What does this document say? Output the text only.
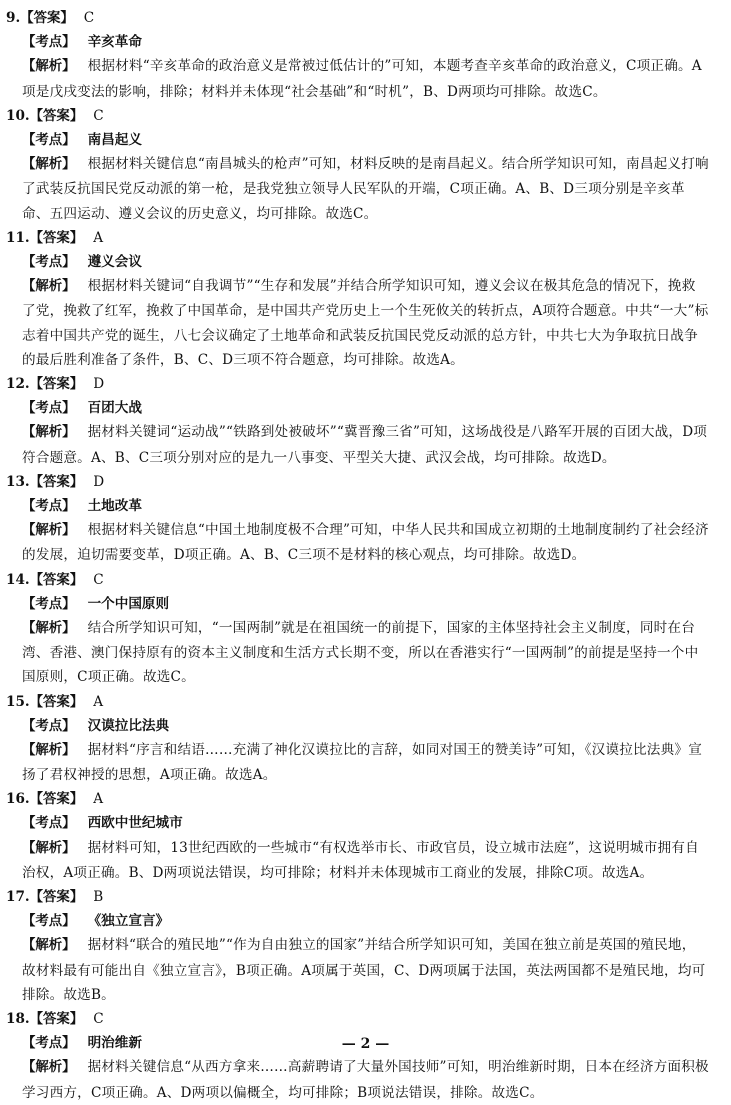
9.【答案】 C
【考点】 辛亥革命
【解析】 根据材料“辛亥革命的政治意义是常被过低估计的”可知，本题考查辛亥革命的政治意义，C项正确。A项是戊戌变法的影响，排除；材料并未体现“社会基础”和“时机”，B、D两项均可排除。故选C。
10.【答案】 C
【考点】 南昌起义
【解析】 根据材料关键信息“南昌城头的枪声”可知，材料反映的是南昌起义。结合所学知识可知，南昌起义打响了武装反抗国民党反动派的第一枪，是我党独立领导人民军队的开端，C项正确。A、B、D三项分别是辛亥革命、五四运动、遵义会议的历史意义，均可排除。故选C。
11.【答案】 A
【考点】 遵义会议
【解析】 根据材料关键词“自我调节”“生存和发展”并结合所学知识可知，遵义会议在极其危急的情况下，挽救了党，挽救了红军，挽救了中国革命，是中国共产党历史上一个生死攸关的转折点，A项符合题意。中共“一大”标志着中国共产党的诞生，八七会议确定了土地革命和武装反抗国民党反动派的总方针，中共七大为争取抗日战争的最后胜利准备了条件，B、C、D三项不符合题意，均可排除。故选A。
12.【答案】 D
【考点】 百团大战
【解析】 据材料关键词“运动战”“铁路到处被破坏”“冀晋豫三省”可知，这场战役是八路军开展的百团大战，D项符合题意。A、B、C三项分别对应的是九一八事变、平型关大捷、武汉会战，均可排除。故选D。
13.【答案】 D
【考点】 土地改革
【解析】 根据材料关键信息“中国土地制度极不合理”可知，中华人民共和国成立初期的土地制度制约了社会经济的发展，迫切需要变革，D项正确。A、B、C三项不是材料的核心观点，均可排除。故选D。
14.【答案】 C
【考点】 一个中国原则
【解析】 结合所学知识可知，“一国两制”就是在祖国统一的前提下，国家的主体坚持社会主义制度，同时在台湾、香港、澳门保持原有的资本主义制度和生活方式长期不变，所以在香港实行“一国两制”的前提是坚持一个中国原则，C项正确。故选C。
15.【答案】 A
【考点】 汉谟拉比法典
【解析】 据材料“序言和结语……充满了神化汉谟拉比的言辞，如同对国王的赞美诗”可知，《汉谟拉比法典》宣扬了君权神授的思想，A项正确。故选A。
16.【答案】 A
【考点】 西欧中世纪城市
【解析】 据材料可知，13世纪西欧的一些城市“有权选举市长、市政官员，设立城市法庭”，这说明城市拥有自治权，A项正确。B、D两项说法错误，均可排除；材料并未体现城市工商业的发展，排除C项。故选A。
17.【答案】 B
【考点】 《独立宣言》
【解析】 据材料“联合的殖民地”“作为自由独立的国家”并结合所学知识可知，美国在独立前是英国的殖民地，故材料最有可能出自《独立宣言》，B项正确。A项属于英国，C、D两项属于法国，英法两国都不是殖民地，均可排除。故选B。
18.【答案】 C
【考点】 明治维新
【解析】 据材料关键信息“从西方拿来……高薪聘请了大量外国技师”可知，明治维新时期，日本在经济方面积极学习西方，C项正确。A、D两项以偏概全，均可排除；B项说法错误，排除。故选C。
— 2 —
